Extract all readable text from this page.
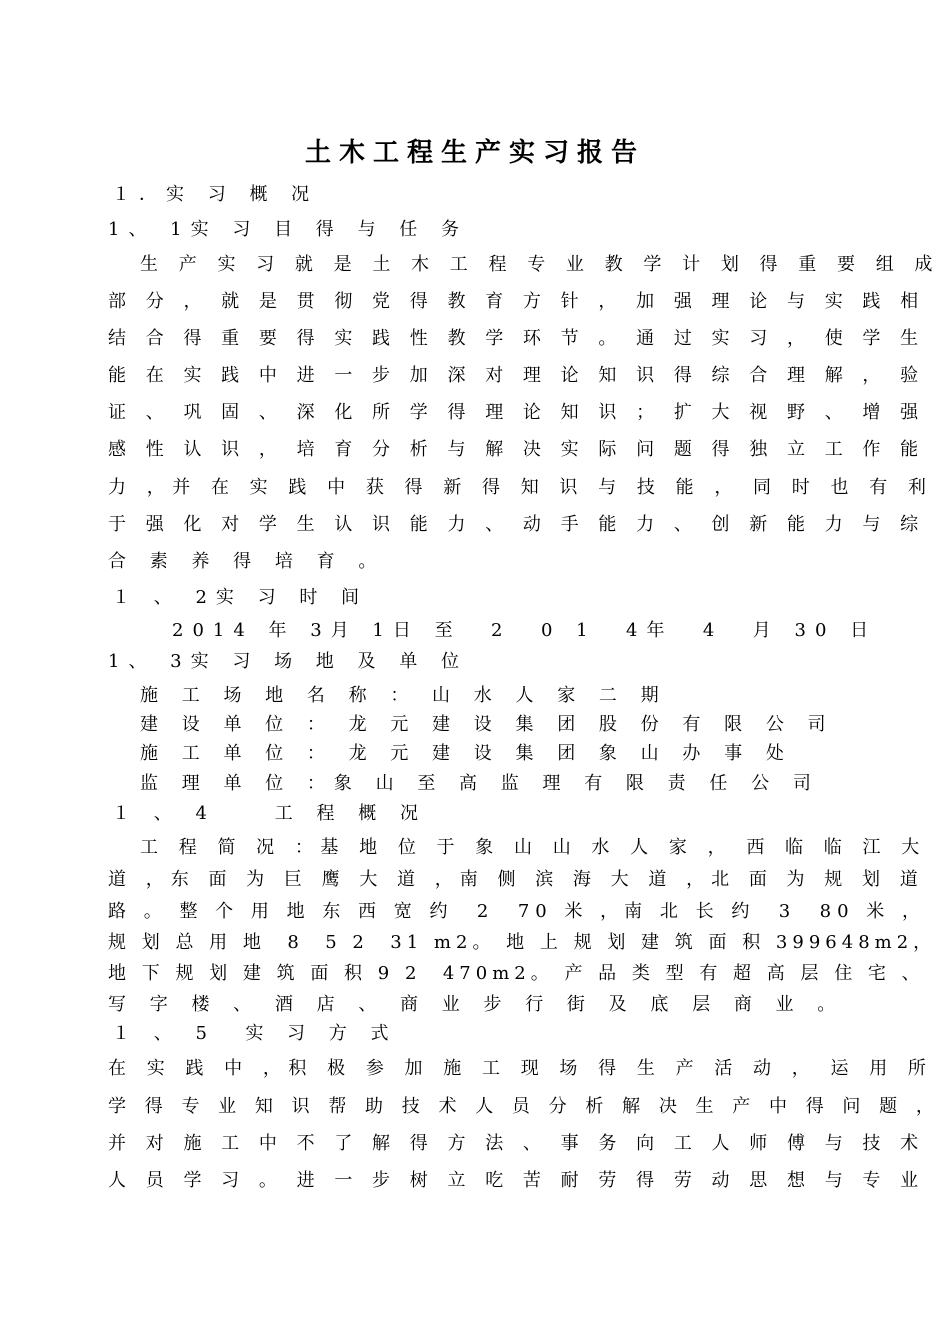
土木工程生产实习报告
１．实 习 概 况
1、 1实 习 目 得 与 任 务
生 产 实 习 就 是 土 木 工 程 专 业 教 学 计 划 得 重 要 组 成
部 分 ， 就 是 贯 彻 党 得 教 育 方 针 ， 加 强 理 论 与 实 践 相
结 合 得 重 要 得 实 践 性 教 学 环 节 。 通 过 实 习 ， 使 学 生
能 在 实 践 中 进 一 步 加 深 对 理 论 知 识 得 综 合 理 解 ， 验
证 、 巩 固 、 深 化 所 学 得 理 论 知 识 ； 扩 大 视 野 、 增 强
感 性 认 识 ， 培 育 分 析 与 解 决 实 际 问 题 得 独 立 工 作 能
力 ，并 在 实 践 中 获 得 新 得 知 识 与 技 能 ， 同 时 也 有 利
于 强 化 对 学 生 认 识 能 力 、 动 手 能 力 、 创 新 能 力 与 综
合 素 养 得 培 育 。
１ 、 2实 习 时 间
2014 年 3月 1日 至  2  0 1  4年  4  月 30 日
1、 3实 习 场 地 及 单 位
施 工 场 地 名 称 ： 山 水 人 家 二 期
建 设 单 位 ： 龙 元 建 设 集 团 股 份 有 限 公 司
施 工 单 位 ： 龙 元 建 设 集 团 象 山 办 事 处
监 理 单 位 ：象 山 至 高 监 理 有 限 责 任 公 司
１ 、 4    工 程 概 况
工 程 简 况 ：基 地 位 于 象 山 山 水 人 家 ， 西 临 临 江 大
道 ，东 面 为 巨 鹰 大 道 ，南 侧 滨 海 大 道 ，北 面 为 规 划 道
路 。 整 个 用 地 东 西 宽 约  2  70 米 ，南 北 长 约  3  80 米 ，
规 划 总 用 地  8  5 2  31 m2。 地 上 规 划 建 筑 面 积 399648m2，
地 下 规 划 建 筑 面 积 9 2  470m2。 产 品 类 型 有 超 高 层 住 宅 、
写 字 楼 、 酒 店 、 商 业 步 行 街 及 底 层 商 业 。
１ 、 5  实 习 方 式
在 实 践 中 ，积 极 参 加 施 工 现 场 得 生 产 活 动 ， 运 用 所
学 得 专 业 知 识 帮 助 技 术 人 员 分 析 解 决 生 产 中 得 问 题 ，
并 对 施 工 中 不 了 解 得 方 法 、 事 务 向 工 人 师 傅 与 技 术
人 员 学 习 。 进 一 步 树 立 吃 苦 耐 劳 得 劳 动 思 想 与 专 业
